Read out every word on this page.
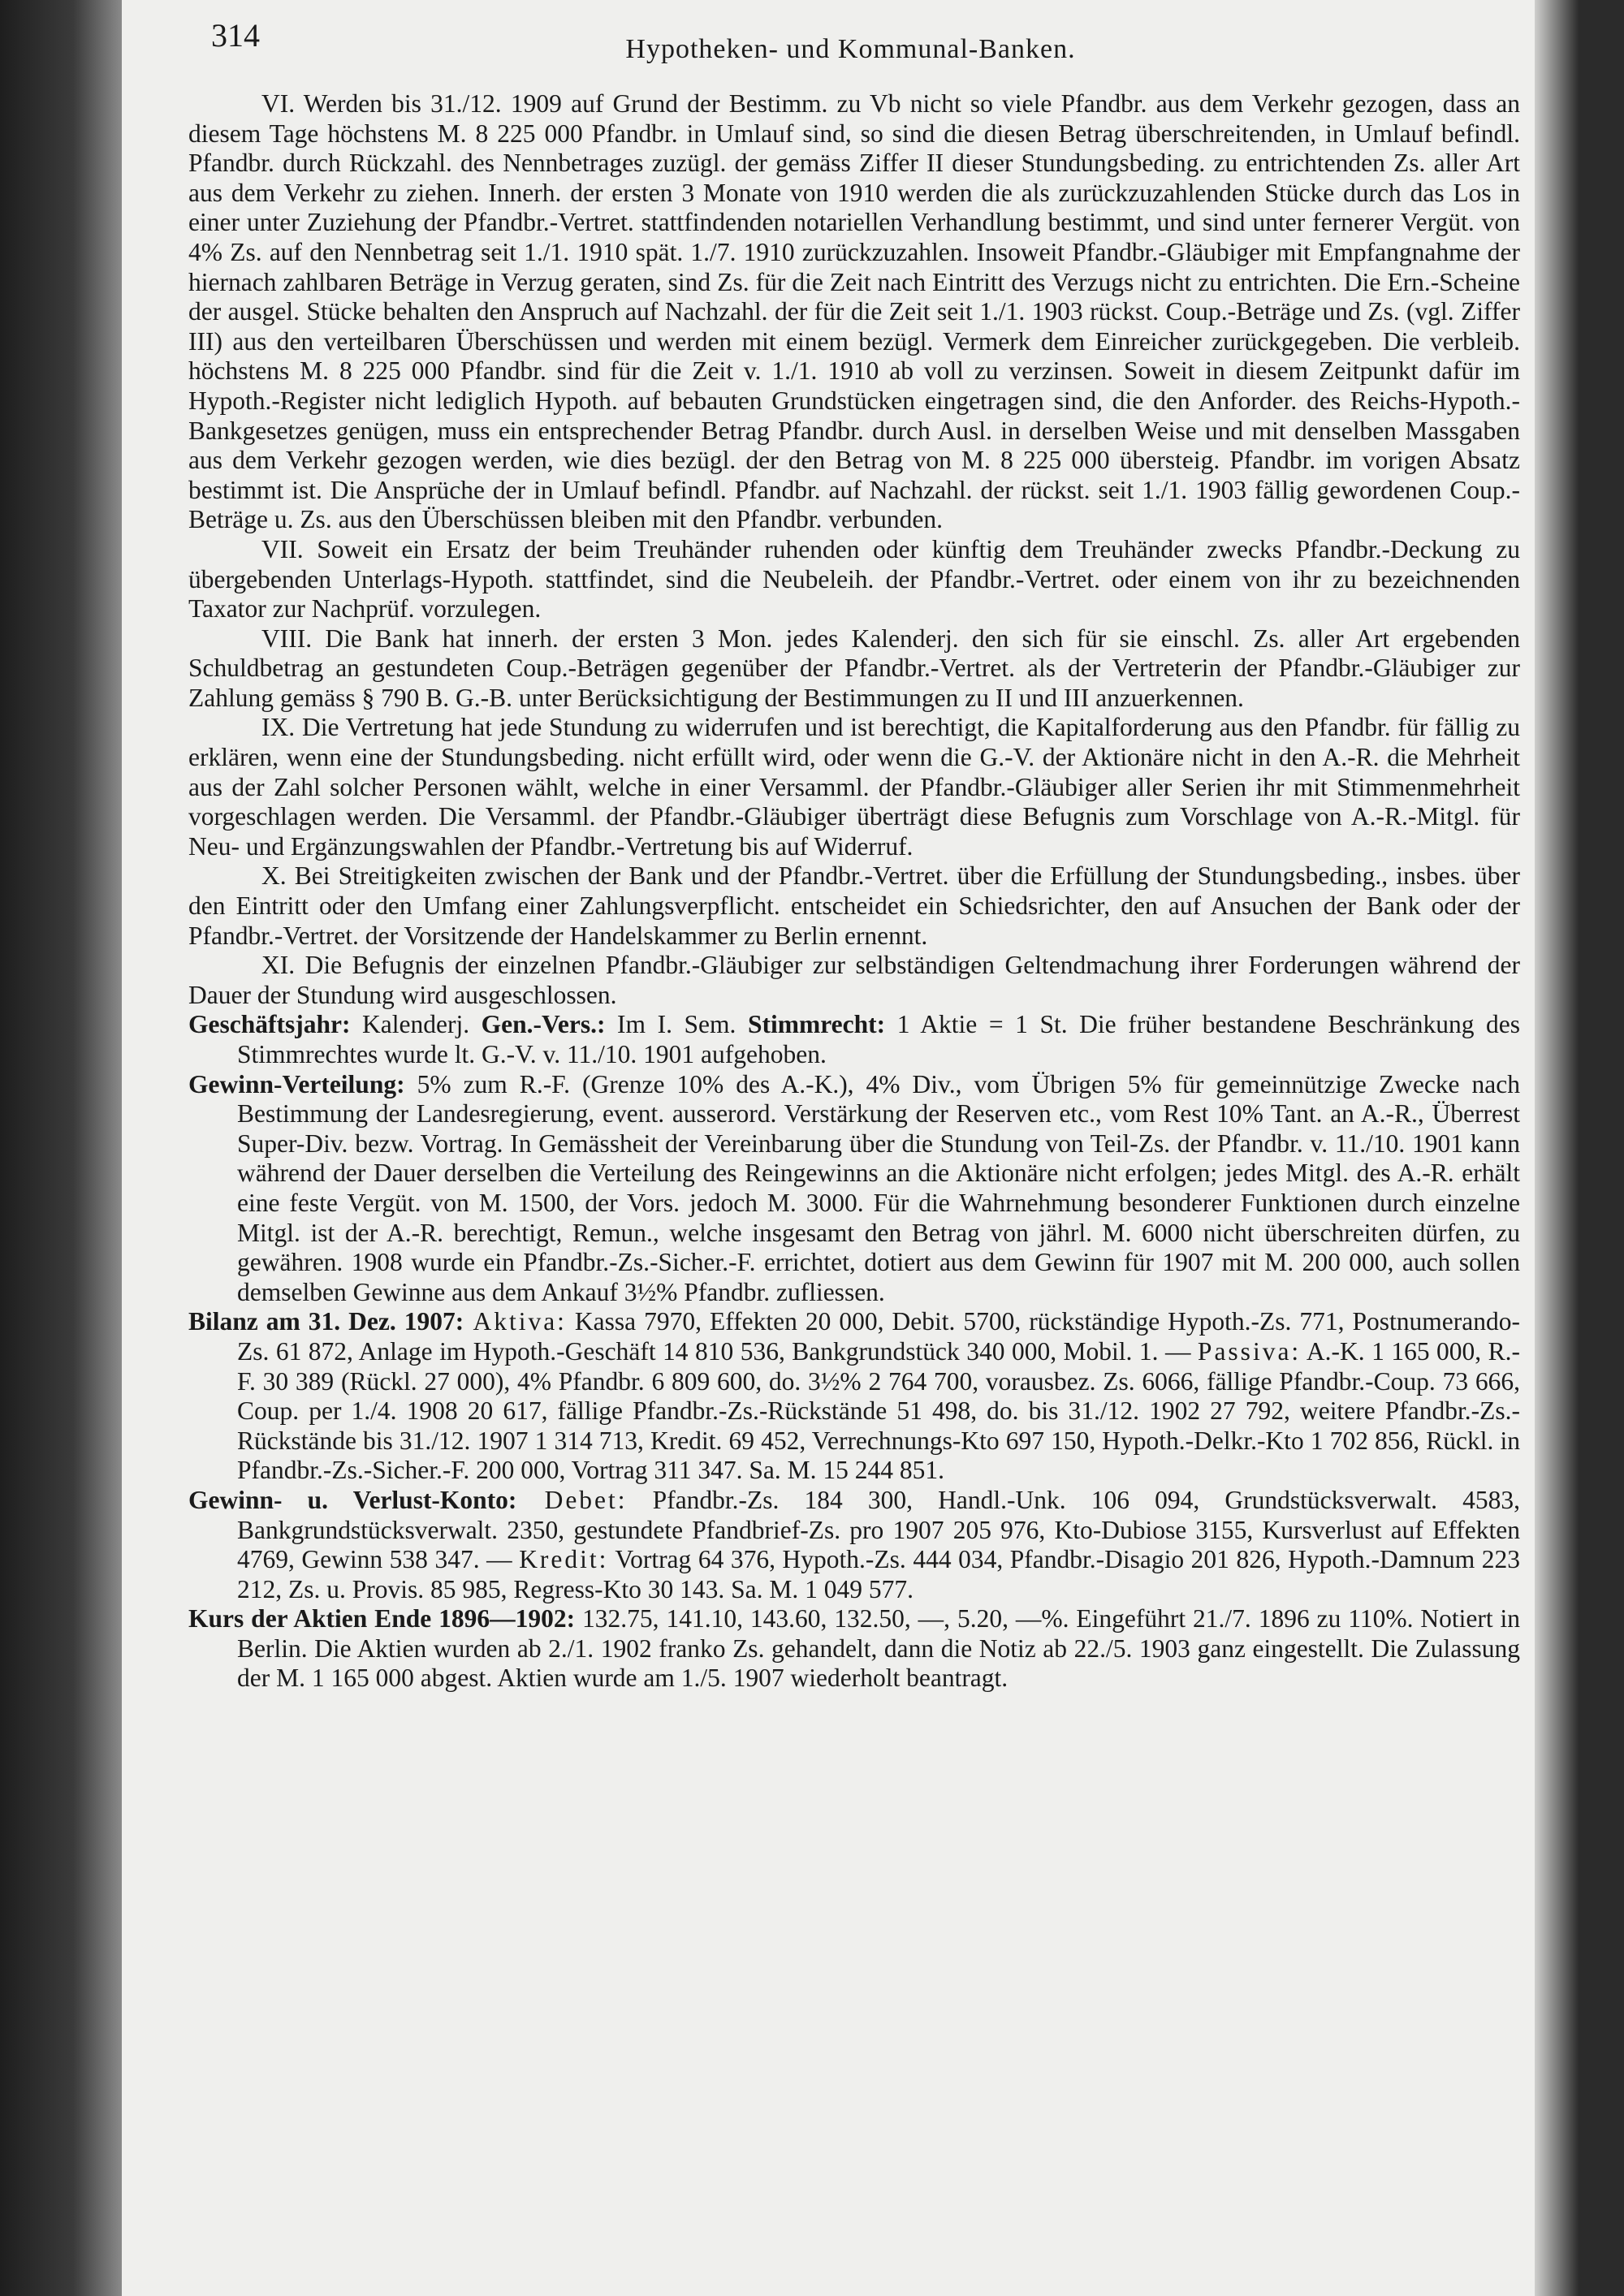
314	Hypotheken- und Kommunal-Banken.

VI. Werden bis 31./12. 1909 auf Grund der Bestimm. zu Vb nicht so viele Pfandbr. aus dem Verkehr gezogen, dass an diesem Tage höchstens M. 8 225 000 Pfandbr. in Umlauf sind, so sind die diesen Betrag überschreitenden, in Umlauf befindl. Pfandbr. durch Rückzahl. des Nennbetrages zuzügl. der gemäss Ziffer II dieser Stundungsbeding. zu entrichtenden Zs. aller Art aus dem Verkehr zu ziehen. Innerh. der ersten 3 Monate von 1910 werden die als zurückzuzahlenden Stücke durch das Los in einer unter Zuziehung der Pfandbr.-Vertret. stattfindenden notariellen Verhandlung bestimmt, und sind unter fernerer Vergüt. von 4% Zs. auf den Nennbetrag seit 1./1. 1910 spät. 1./7. 1910 zurückzuzahlen. Insoweit Pfandbr.-Gläubiger mit Empfangnahme der hiernach zahlbaren Beträge in Verzug geraten, sind Zs. für die Zeit nach Eintritt des Verzugs nicht zu entrichten. Die Ern.-Scheine der ausgel. Stücke behalten den Anspruch auf Nachzahl. der für die Zeit seit 1./1. 1903 rückst. Coup.-Beträge und Zs. (vgl. Ziffer III) aus den verteilbaren Überschüssen und werden mit einem bezügl. Vermerk dem Einreicher zurückgegeben. Die verbleib. höchstens M. 8 225 000 Pfandbr. sind für die Zeit v. 1./1. 1910 ab voll zu verzinsen. Soweit in diesem Zeitpunkt dafür im Hypoth.-Register nicht lediglich Hypoth. auf bebauten Grundstücken eingetragen sind, die den Anforder. des Reichs-Hypoth.-Bankgesetzes genügen, muss ein entsprechender Betrag Pfandbr. durch Ausl. in derselben Weise und mit denselben Massgaben aus dem Verkehr gezogen werden, wie dies bezügl. der den Betrag von M. 8 225 000 übersteig. Pfandbr. im vorigen Absatz bestimmt ist. Die Ansprüche der in Umlauf befindl. Pfandbr. auf Nachzahl. der rückst. seit 1./1. 1903 fällig gewordenen Coup.-Beträge u. Zs. aus den Überschüssen bleiben mit den Pfandbr. verbunden.

VII. Soweit ein Ersatz der beim Treuhänder ruhenden oder künftig dem Treuhänder zwecks Pfandbr.-Deckung zu übergebenden Unterlags-Hypoth. stattfindet, sind die Neubeleih. der Pfandbr.-Vertret. oder einem von ihr zu bezeichnenden Taxator zur Nachprüf. vorzulegen.

VIII. Die Bank hat innerh. der ersten 3 Mon. jedes Kalenderj. den sich für sie einschl. Zs. aller Art ergebenden Schuldbetrag an gestundeten Coup.-Beträgen gegenüber der Pfandbr.-Vertret. als der Vertreterin der Pfandbr.-Gläubiger zur Zahlung gemäss § 790 B. G.-B. unter Berücksichtigung der Bestimmungen zu II und III anzuerkennen.

IX. Die Vertretung hat jede Stundung zu widerrufen und ist berechtigt, die Kapitalforderung aus den Pfandbr. für fällig zu erklären, wenn eine der Stundungsbeding. nicht erfüllt wird, oder wenn die G.-V. der Aktionäre nicht in den A.-R. die Mehrheit aus der Zahl solcher Personen wählt, welche in einer Versamml. der Pfandbr.-Gläubiger aller Serien ihr mit Stimmenmehrheit vorgeschlagen werden. Die Versamml. der Pfandbr.-Gläubiger überträgt diese Befugnis zum Vorschlage von A.-R.-Mitgl. für Neu- und Ergänzungswahlen der Pfandbr.-Vertretung bis auf Widerruf.

X. Bei Streitigkeiten zwischen der Bank und der Pfandbr.-Vertret. über die Erfüllung der Stundungsbeding., insbes. über den Eintritt oder den Umfang einer Zahlungsverpflicht. entscheidet ein Schiedsrichter, den auf Ansuchen der Bank oder der Pfandbr.-Vertret. der Vorsitzende der Handelskammer zu Berlin ernennt.

XI. Die Befugnis der einzelnen Pfandbr.-Gläubiger zur selbständigen Geltendmachung ihrer Forderungen während der Dauer der Stundung wird ausgeschlossen.

Geschäftsjahr: Kalenderj. Gen.-Vers.: Im I. Sem. Stimmrecht: 1 Aktie = 1 St. Die früher bestandene Beschränkung des Stimmrechtes wurde lt. G.-V. v. 11./10. 1901 aufgehoben.

Gewinn-Verteilung: 5% zum R.-F. (Grenze 10% des A.-K.), 4% Div., vom Übrigen 5% für gemeinnützige Zwecke nach Bestimmung der Landesregierung, event. ausserord. Verstärkung der Reserven etc., vom Rest 10% Tant. an A.-R., Überrest Super-Div. bezw. Vortrag. In Gemässheit der Vereinbarung über die Stundung von Teil-Zs. der Pfandbr. v. 11./10. 1901 kann während der Dauer derselben die Verteilung des Reingewinns an die Aktionäre nicht erfolgen; jedes Mitgl. des A.-R. erhält eine feste Vergüt. von M. 1500, der Vors. jedoch M. 3000. Für die Wahrnehmung besonderer Funktionen durch einzelne Mitgl. ist der A.-R. berechtigt, Remun., welche insgesamt den Betrag von jährl. M. 6000 nicht überschreiten dürfen, zu gewähren. 1908 wurde ein Pfandbr.-Zs.-Sicher.-F. errichtet, dotiert aus dem Gewinn für 1907 mit M. 200 000, auch sollen demselben Gewinne aus dem Ankauf 3½% Pfandbr. zufliessen.

Bilanz am 31. Dez. 1907: Aktiva: Kassa 7970, Effekten 20 000, Debit. 5700, rückständige Hypoth.-Zs. 771, Postnumerando-Zs. 61 872, Anlage im Hypoth.-Geschäft 14 810 536, Bankgrundstück 340 000, Mobil. 1. — Passiva: A.-K. 1 165 000, R.-F. 30 389 (Rückl. 27 000), 4% Pfandbr. 6 809 600, do. 3½% 2 764 700, vorausbez. Zs. 6066, fällige Pfandbr.-Coup. 73 666, Coup. per 1./4. 1908 20 617, fällige Pfandbr.-Zs.-Rückstände 51 498, do. bis 31./12. 1902 27 792, weitere Pfandbr.-Zs.-Rückstände bis 31./12. 1907 1 314 713, Kredit. 69 452, Verrechnungs-Kto 697 150, Hypoth.-Delkr.-Kto 1 702 856, Rückl. in Pfandbr.-Zs.-Sicher.-F. 200 000, Vortrag 311 347. Sa. M. 15 244 851.

Gewinn- u. Verlust-Konto: Debet: Pfandbr.-Zs. 184 300, Handl.-Unk. 106 094, Grundstücksverwalt. 4583, Bankgrundstücksverwalt. 2350, gestundete Pfandbrief-Zs. pro 1907 205 976, Kto-Dubiose 3155, Kursverlust auf Effekten 4769, Gewinn 538 347. — Kredit: Vortrag 64 376, Hypoth.-Zs. 444 034, Pfandbr.-Disagio 201 826, Hypoth.-Damnum 223 212, Zs. u. Provis. 85 985, Regress-Kto 30 143. Sa. M. 1 049 577.

Kurs der Aktien Ende 1896—1902: 132.75, 141.10, 143.60, 132.50, —, 5.20, —%. Eingeführt 21./7. 1896 zu 110%. Notiert in Berlin. Die Aktien wurden ab 2./1. 1902 franko Zs. gehandelt, dann die Notiz ab 22./5. 1903 ganz eingestellt. Die Zulassung der M. 1 165 000 abgest. Aktien wurde am 1./5. 1907 wiederholt beantragt.
